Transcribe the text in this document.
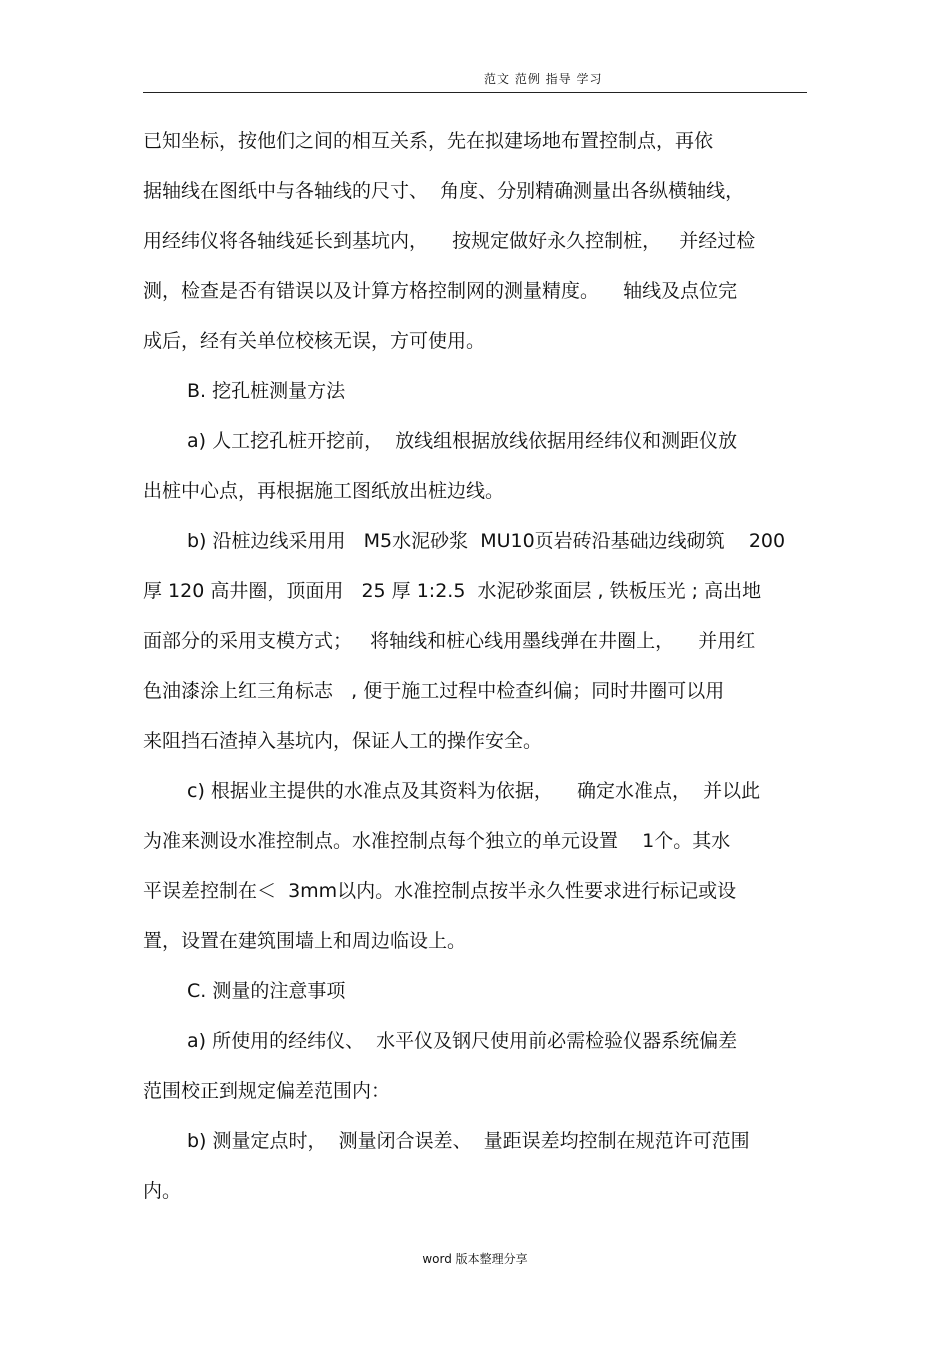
范文 范例 指导 学习
已知坐标，按他们之间的相互关系，先在拟建场地布置控制点，再依
据轴线在图纸中与各轴线的尺寸、  角度、分别精确测量出各纵横轴线，
用经纬仪将各轴线延长到基坑内，    按规定做好永久控制桩，   并经过检
测，检查是否有错误以及计算方格控制网的测量精度。    轴线及点位完
成后，经有关单位校核无误，方可使用。
B. 挖孔桩测量方法
a) 人工挖孔桩开挖前，  放线组根据放线依据用经纬仪和测距仪放
出桩中心点，再根据施工图纸放出桩边线。
b) 沿桩边线采用用   M5水泥砂浆  MU10页岩砖沿基础边线砌筑    200
厚 120 高井圈，顶面用   25 厚 1:2.5  水泥砂浆面层 , 铁板压光 ; 高出地
面部分的采用支模方式；   将轴线和桩心线用墨线弹在井圈上，    并用红
色油漆涂上红三角标志   , 便于施工过程中检查纠偏；同时井圈可以用
来阻挡石渣掉入基坑内，保证人工的操作安全。
c) 根据业主提供的水准点及其资料为依据，    确定水准点，  并以此
为准来测设水准控制点。水准控制点每个独立的单元设置    1个。其水
平误差控制在＜  3mm以内。水准控制点按半永久性要求进行标记或设
置，设置在建筑围墙上和周边临设上。
C. 测量的注意事项
a) 所使用的经纬仪、  水平仪及钢尺使用前必需检验仪器系统偏差
范围校正到规定偏差范围内：
b) 测量定点时，  测量闭合误差、  量距误差均控制在规范许可范围
内。
word 版本整理分享
